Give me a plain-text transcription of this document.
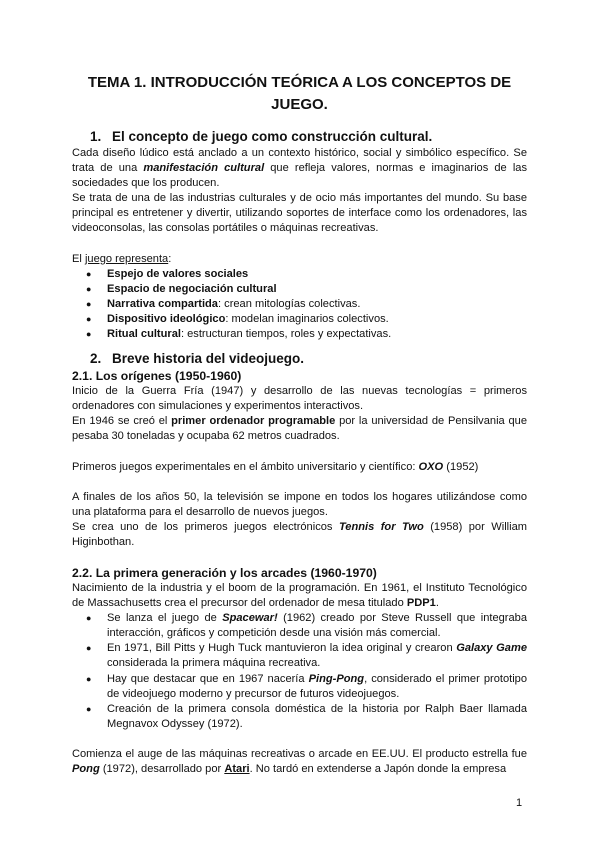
TEMA 1. INTRODUCCIÓN TEÓRICA A LOS CONCEPTOS DE JUEGO.
1. El concepto de juego como construcción cultural.

Cada diseño lúdico está anclado a un contexto histórico, social y simbólico específico. Se trata de una manifestación cultural que refleja valores, normas e imaginarios de las sociedades que los producen.

Se trata de una de las industrias culturales y de ocio más importantes del mundo. Su base principal es entretener y divertir, utilizando soportes de interface como los ordenadores, las videoconsolas, las consolas portátiles o máquinas recreativas.

El juego representa:

● Espejo de valores sociales
● Espacio de negociación cultural
● Narrativa compartida: crean mitologías colectivas.
● Dispositivo ideológico: modelan imaginarios colectivos.
● Ritual cultural: estructuran tiempos, roles y expectativas.
2. Breve historia del videojuego.
2.1. Los orígenes (1950-1960)

Inicio de la Guerra Fría (1947) y desarrollo de las nuevas tecnologías = primeros ordenadores con simulaciones y experimentos interactivos.

En 1946 se creó el primer ordenador programable por la universidad de Pensilvania que pesaba 30 toneladas y ocupaba 62 metros cuadrados.

Primeros juegos experimentales en el ámbito universitario y científico: OXO (1952)

A finales de los años 50, la televisión se impone en todos los hogares utilizándose como una plataforma para el desarrollo de nuevos juegos.

Se crea uno de los primeros juegos electrónicos Tennis for Two (1958) por William Higinbothan.

2.2. La primera generación y los arcades (1960-1970)

Nacimiento de la industria y el boom de la programación. En 1961, el Instituto Tecnológico de Massachusetts crea el precursor del ordenador de mesa titulado PDP1.

● Se lanza el juego de Spacewar! (1962) creado por Steve Russell que integraba interacción, gráficos y competición desde una visión más comercial.
● En 1971, Bill Pitts y Hugh Tuck mantuvieron la idea original y crearon Galaxy Game considerada la primera máquina recreativa.
● Hay que destacar que en 1967 nacería Ping-Pong, considerado el primer prototipo de videojuego moderno y precursor de futuros videojuegos.
● Creación de la primera consola doméstica de la historia por Ralph Baer llamada Megnavox Odyssey (1972).

Comienza el auge de las máquinas recreativas o arcade en EE.UU. El producto estrella fue Pong (1972), desarrollado por Atari. No tardó en extenderse a Japón donde la empresa

1
